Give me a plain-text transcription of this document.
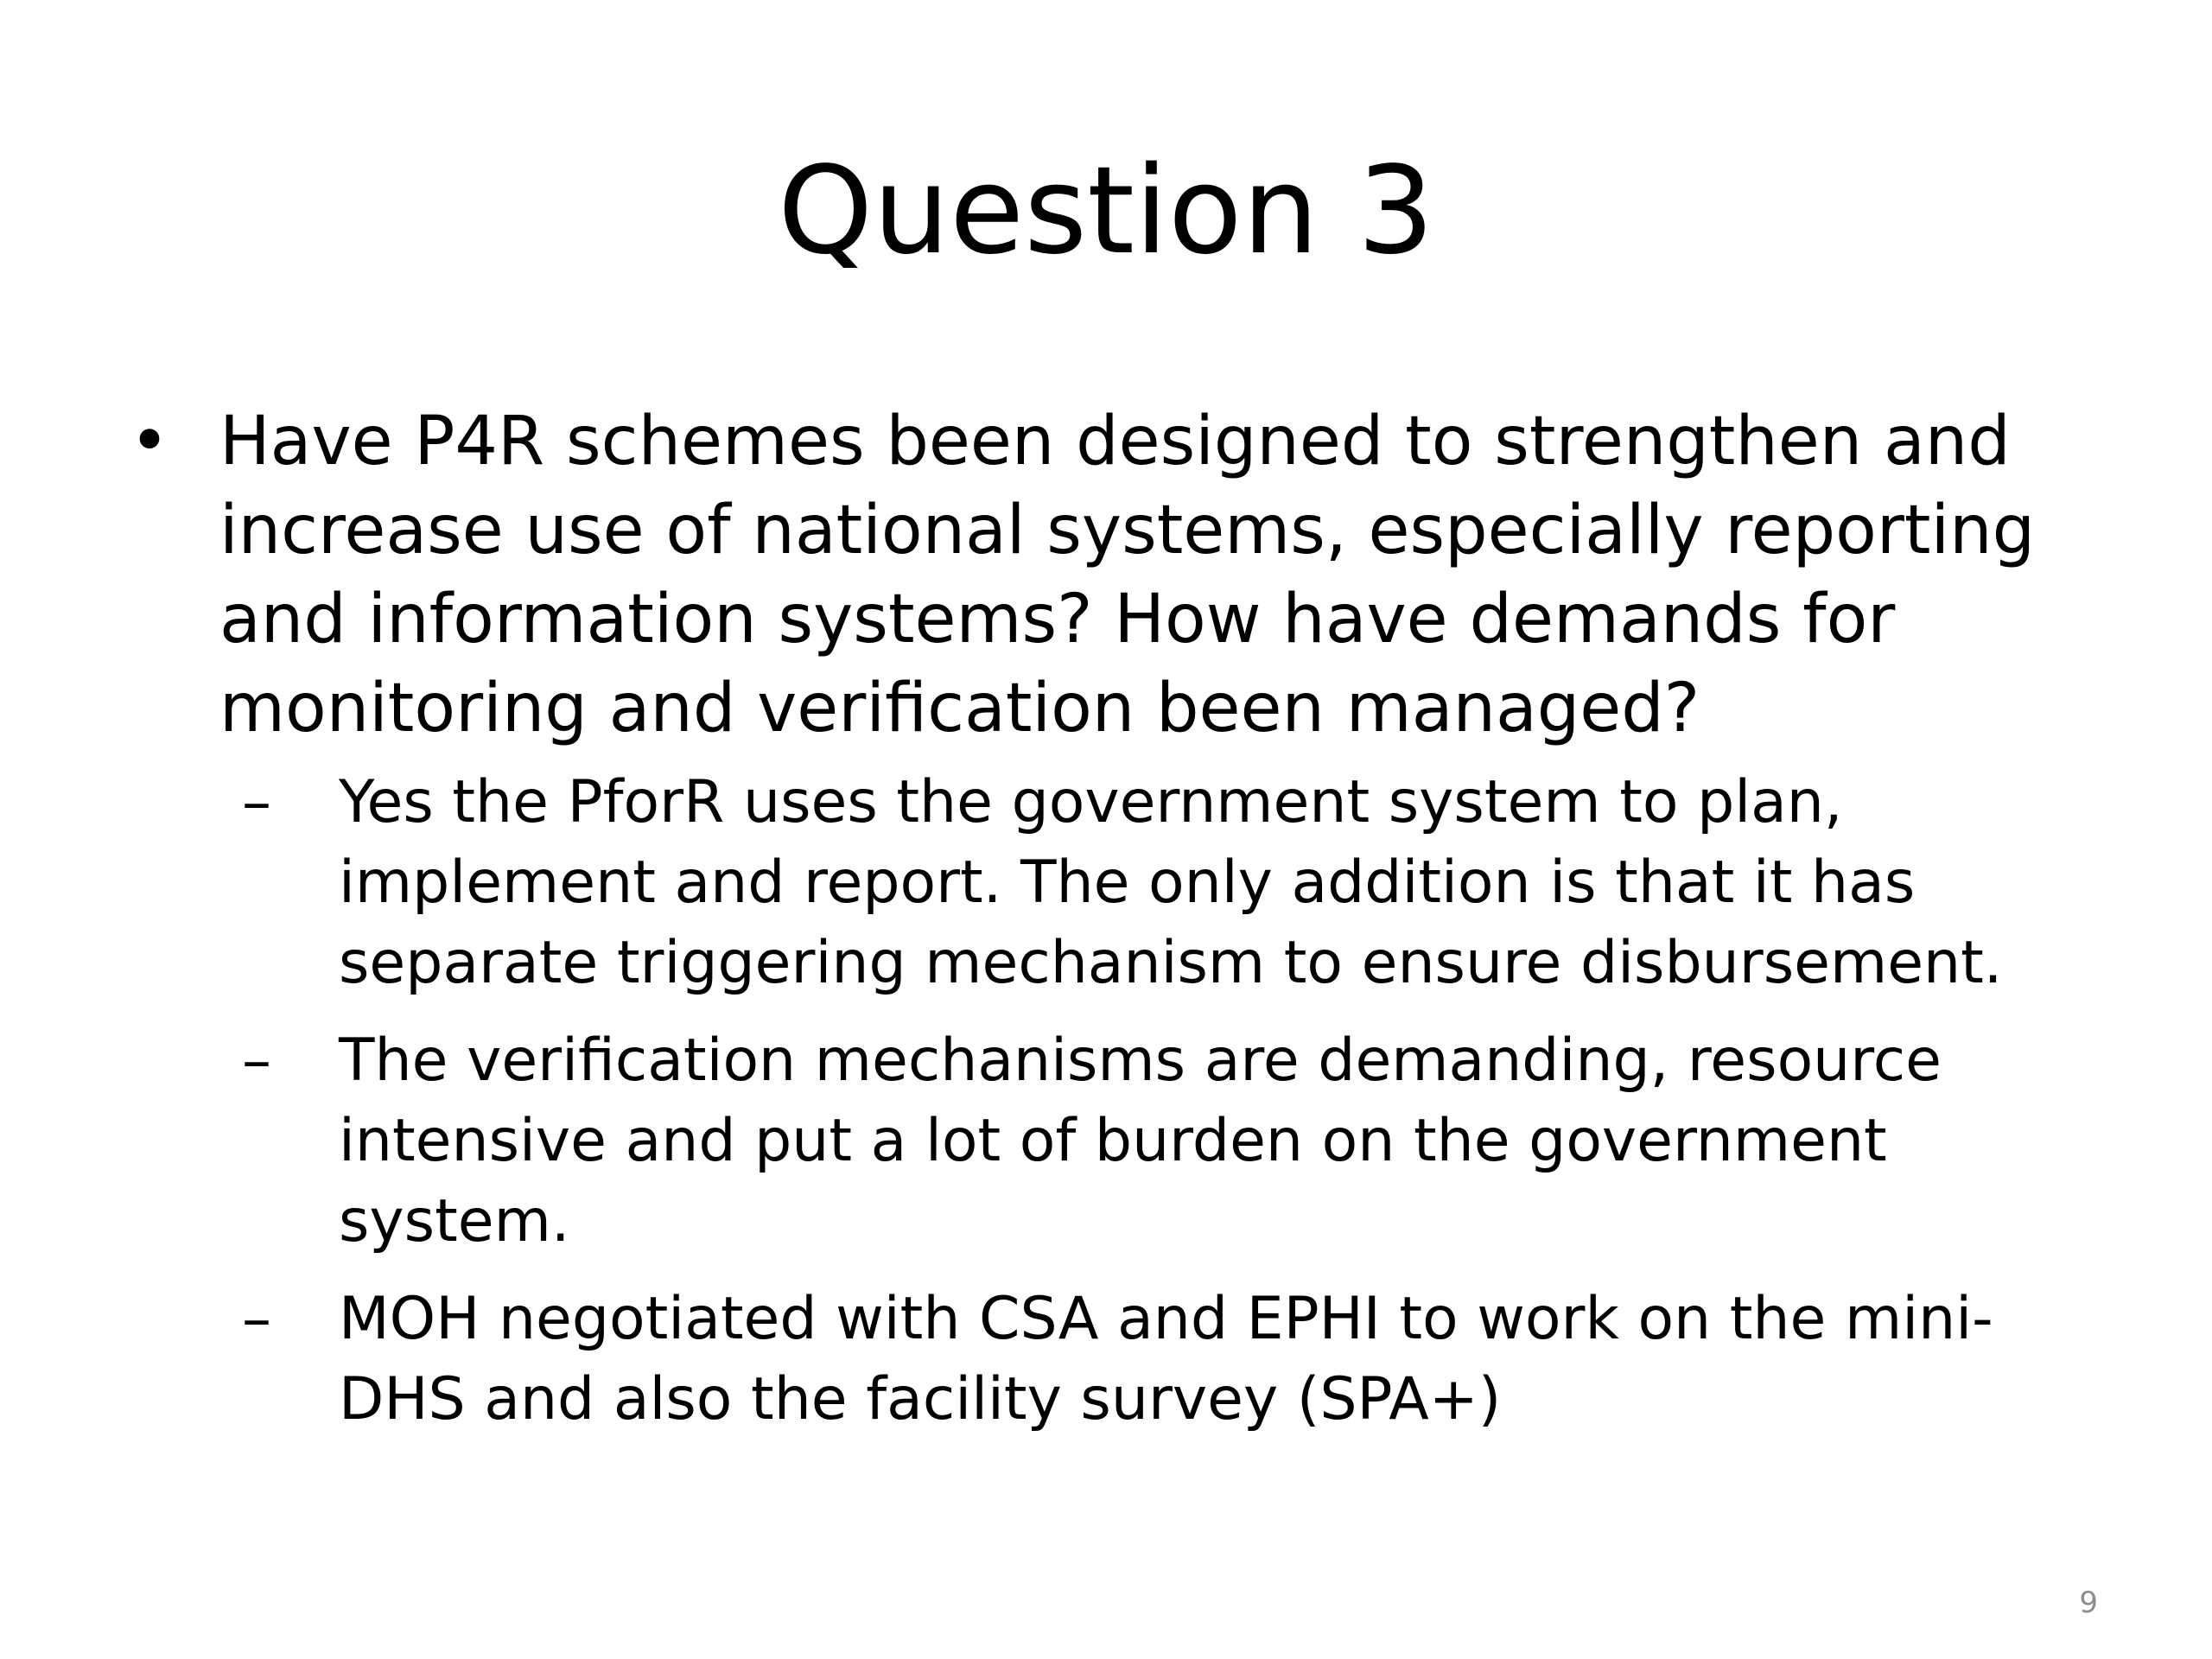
Question 3
• Have P4R schemes been designed to strengthen and increase use of national systems, especially reporting and information systems? How have demands for monitoring and verification been managed?
–	Yes the PforR uses the government system to plan, implement and report. The only addition is that it has separate triggering mechanism to ensure disbursement.
–	The verification mechanisms are demanding, resource intensive and put a lot of burden on the government system.
–	MOH negotiated with CSA and EPHI to work on the mini-DHS and also the facility survey (SPA+)

9
